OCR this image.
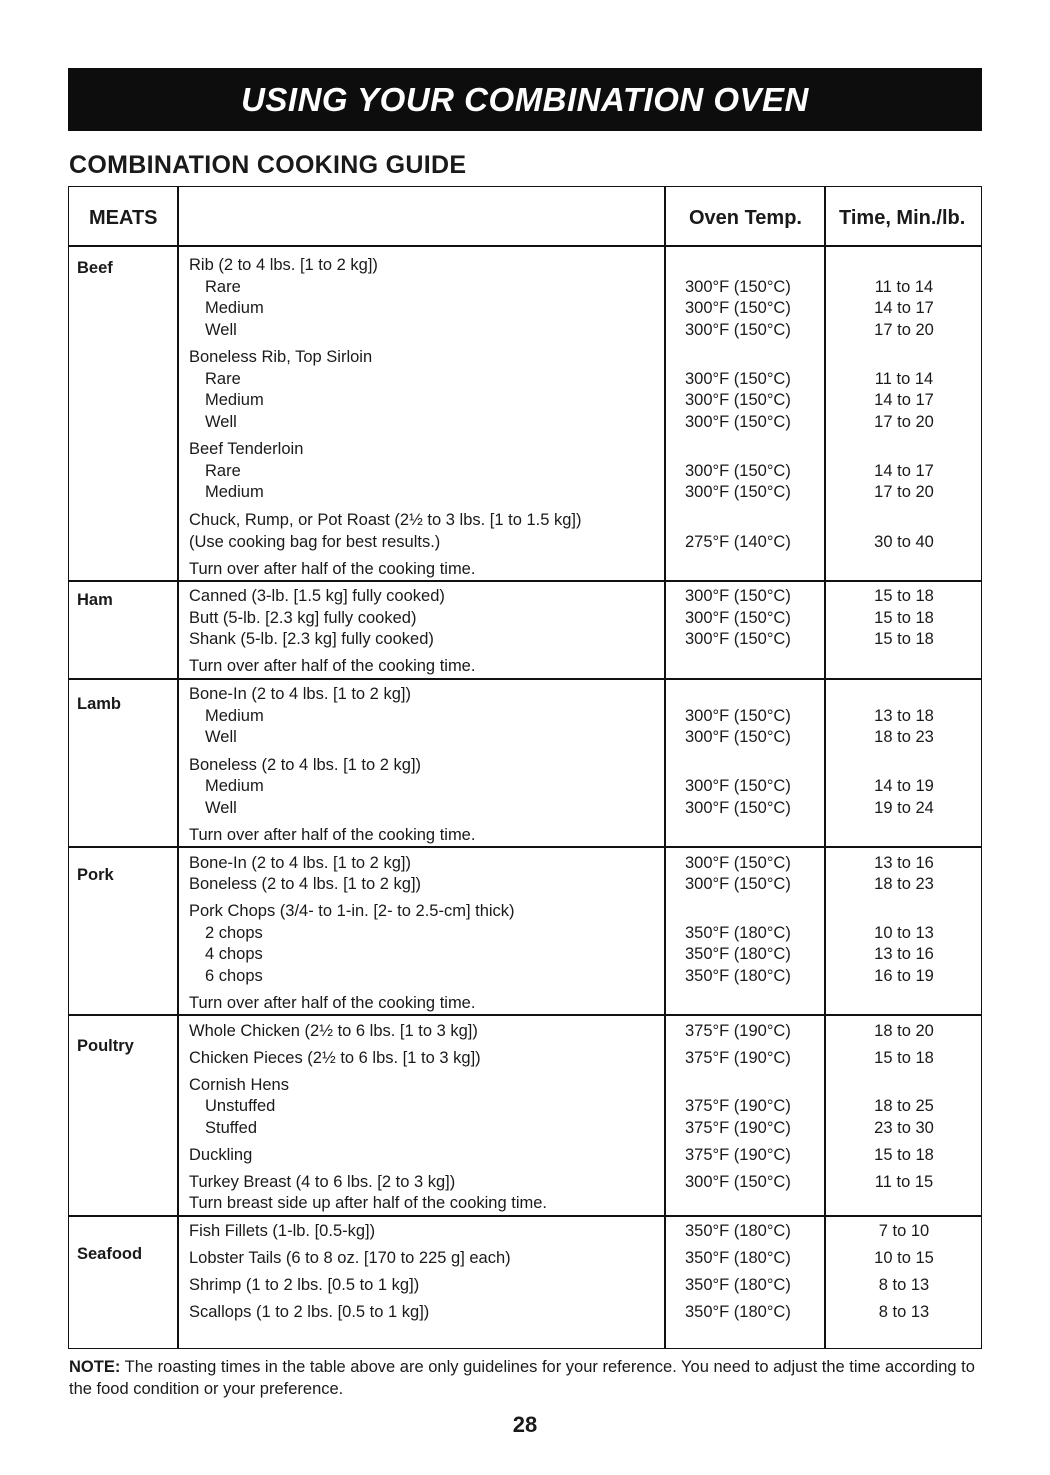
USING YOUR COMBINATION OVEN
COMBINATION COOKING GUIDE
MEATS	Oven Temp. Time, Min./lb.
Beef	Rib (2 to 4 lbs. [1 to 2 kg])
Rare	300°F (150°C)	11 to 14
Medium	300°F (150°C)	14 to 17
Well	300°F (150°C)	17 to 20
Boneless Rib, Top Sirloin
Rare	300°F (150°C)	11 to 14
Medium	300°F (150°C)	14 to 17
Well	300°F (150°C)	17 to 20
Beef Tenderloin
Rare	300°F (150°C)	14 to 17
Medium	300°F (150°C)	17 to 20
Chuck, Rump, or Pot Roast (2½ to 3 lbs. [1 to 1.5 kg])
(Use cooking bag for best results.)	275°F (140°C)	30 to 40
Turn over after half of the cooking time.
Ham	Canned (3-lb. [1.5 kg] fully cooked)	300°F (150°C)	15 to 18
Butt (5-lb. [2.3 kg] fully cooked)	300°F (150°C)	15 to 18
Shank (5-lb. [2.3 kg] fully cooked)	300°F (150°C)	15 to 18
Turn over after half of the cooking time.
Lamb
Bone-In (2 to 4 lbs. [1 to 2 kg])
Medium	300°F (150°C)	13 to 18
Well	300°F (150°C)	18 to 23
Boneless (2 to 4 lbs. [1 to 2 kg])
Medium	300°F (150°C)	14 to 19
Well	300°F (150°C)	19 to 24
Turn over after half of the cooking time.
Pork
Bone-In (2 to 4 lbs. [1 to 2 kg])	300°F (150°C)	13 to 16
Boneless (2 to 4 lbs. [1 to 2 kg])	300°F (150°C)	18 to 23
Pork Chops (3/4- to 1-in. [2- to 2.5-cm] thick)
2 chops	350°F (180°C)	10 to 13
4 chops	350°F (180°C)	13 to 16
6 chops	350°F (180°C)	16 to 19
Turn over after half of the cooking time.
Poultry
Whole Chicken (2½ to 6 lbs. [1 to 3 kg])	375°F (190°C)	18 to 20
Chicken Pieces (2½ to 6 lbs. [1 to 3 kg])	375°F (190°C)	15 to 18
Cornish Hens
Unstuffed	375°F (190°C)	18 to 25
Stuffed	375°F (190°C)	23 to 30
Duckling	375°F (190°C)	15 to 18
Turkey Breast (4 to 6 lbs. [2 to 3 kg])	300°F (150°C)	11 to 15
Turn breast side up after half of the cooking time.
Seafood
Fish Fillets (1-lb. [0.5-kg])	350°F (180°C)	7 to 10
Lobster Tails (6 to 8 oz. [170 to 225 g] each)	350°F (180°C)	10 to 15
Shrimp (1 to 2 lbs. [0.5 to 1 kg])	350°F (180°C)	8 to 13
Scallops (1 to 2 lbs. [0.5 to 1 kg])	350°F (180°C)	8 to 13
NOTE: The roasting times in the table above are only guidelines for your reference. You need to adjust the time according to the food condition or your preference.
28
